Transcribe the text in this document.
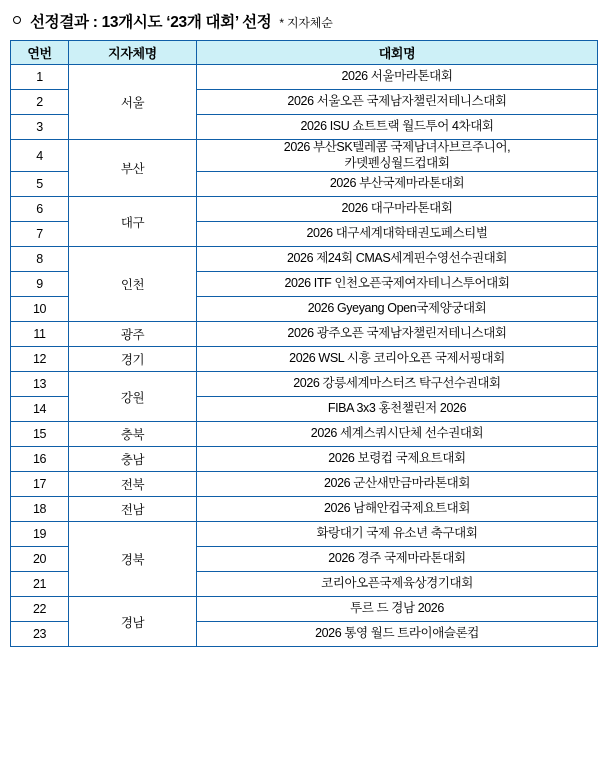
선정결과 : 13개시도 ‘23개 대회’ 선정 * 지자체순
연번	지자체명	대회명
1	서울	2026 서울마라톤대회
2		2026 서울오픈 국제남자챌린저테니스대회
3		2026 ISU 쇼트트랙 월드투어 4차대회
4	부산	2026 부산SK텔레콤 국제남녀사브르주니어,
카뎃펜싱월드컵대회

5		2026 부산국제마라톤대회
6	대구	2026 대구마라톤대회
7		2026 대구세계대학태권도페스티벌
8	인천	2026 제24회 CMAS세계핀수영선수권대회
9		2026 ITF 인천오픈국제여자테니스투어대회
10		2026 Gyeyang Open국제양궁대회
11	광주	2026 광주오픈 국제남자챌린저테니스대회
12	경기	2026 WSL 시흥 코리아오픈 국제서핑대회
13	강원	2026 강릉세계마스터즈 탁구선수권대회
14		FIBA 3x3 홍천챌린저 2026
15	충북	2026 세계스쿼시단체 선수권대회
16	충남	2026 보령컵 국제요트대회
17	전북	2026 군산새만금마라톤대회
18	전남	2026 남해안컵국제요트대회
19	경북	화랑대기 국제 유소년 축구대회
20		2026 경주 국제마라톤대회
21		코리아오픈국제육상경기대회
22	경남	투르 드 경남 2026
23		2026 통영 월드 트라이애슬론컵
